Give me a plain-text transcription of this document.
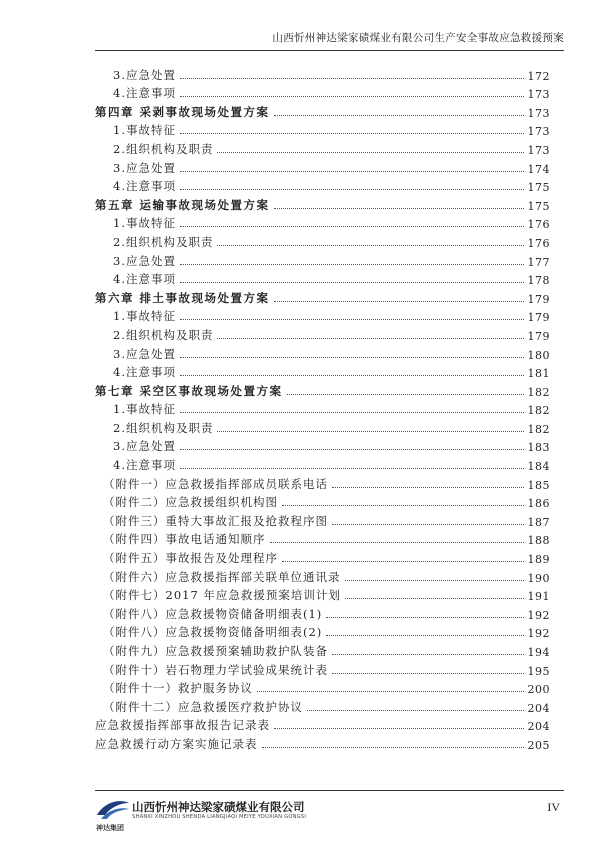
山西忻州神达梁家碛煤业有限公司生产安全事故应急救援预案
3.应急处置	172
4.注意事项	173
第四章 采剥事故现场处置方案	173
1.事故特征	173
2.组织机构及职责	173
3.应急处置	174
4.注意事项	175
第五章 运输事故现场处置方案	175
1.事故特征	176
2.组织机构及职责	176
3.应急处置	177
4.注意事项	178
第六章 排土事故现场处置方案	179
1.事故特征	179
2.组织机构及职责	179
3.应急处置	180
4.注意事项	181
第七章 采空区事故现场处置方案	182
1.事故特征	182
2.组织机构及职责	182
3.应急处置	183
4.注意事项	184
（附件一）应急救援指挥部成员联系电话	185
（附件二）应急救援组织机构图	186
（附件三）重特大事故汇报及抢救程序图	187
（附件四）事故电话通知顺序	188
（附件五）事故报告及处理程序	189
（附件六）应急救援指挥部关联单位通讯录	190
（附件七）2017 年应急救援预案培训计划	191
（附件八）应急救援物资储备明细表(1)	192
（附件八）应急救援物资储备明细表(2)	192
（附件九）应急救援预案辅助救护队装备	194
（附件十）岩石物理力学试验成果统计表	195
（附件十一）救护服务协议	200
（附件十二）应急救援医疗救护协议	204
应急救援指挥部事故报告记录表	204
应急救援行动方案实施记录表	205
山西忻州神达梁家碛煤业有限公司
SHANXI XINZHOU SHENDA LIANGJIAQI MEIYE YOUXIAN GONGSI
神达集团
IV
